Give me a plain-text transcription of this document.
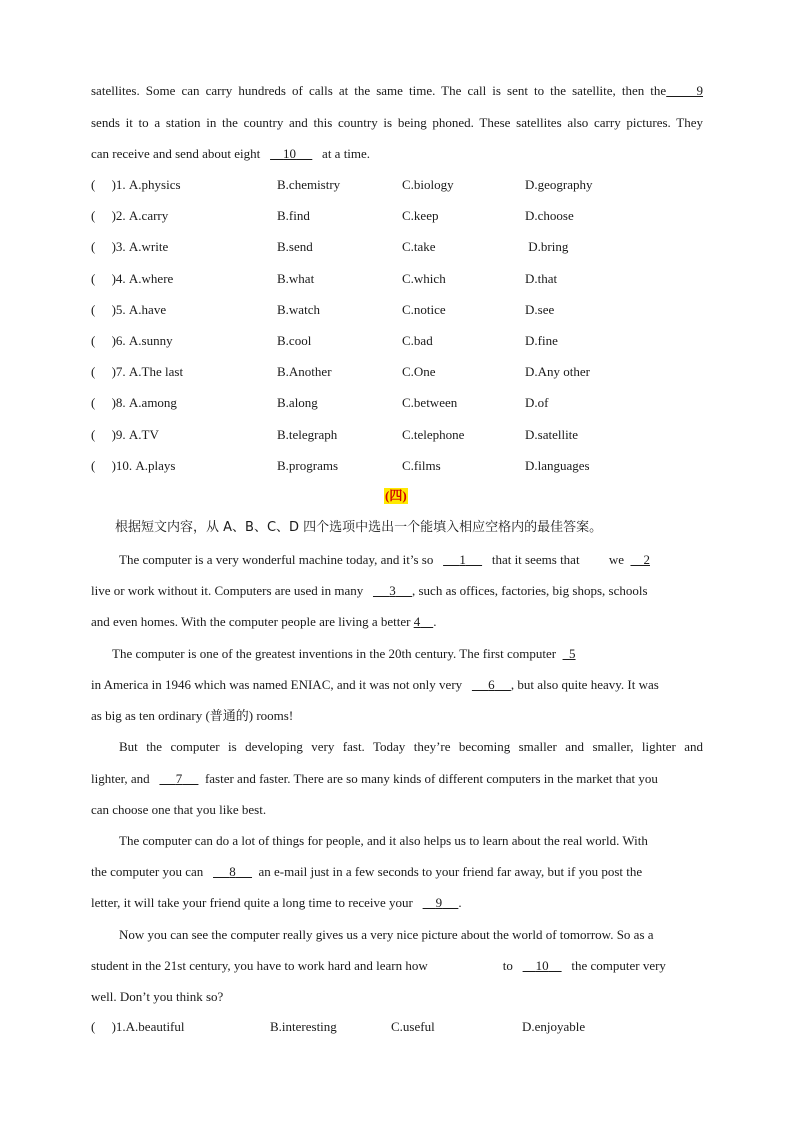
satellites. Some can carry hundreds of calls at the same time. The call is sent to the satellite, then the 9
sends it to a station in the country and this country is being phoned. These satellites also carry pictures. They
can receive and send about eight 10 at a time.
(     )1. A.physics	B.chemistry	C.biology	D.geography
(     )2. A.carry	B.find	C.keep	D.choose
(     )3. A.write	B.send	C.take	D.bring
(     )4. A.where	B.what	C.which	D.that
(     )5. A.have	B.watch	C.notice	D.see
(     )6. A.sunny	B.cool	C.bad	D.fine
(     )7. A.The last	B.Another	C.One	D.Any other
(     )8. A.among	B.along	C.between	D.of
(     )9. A.TV	B.telegraph	C.telephone	D.satellite
(     )10. A.plays	B.programs	C.films	D.languages
(四)
根据短文内容，从 A、B、C、D 四个选项中选出一个能填入相应空格内的最佳答案。
The computer is a very wonderful machine today, and it’s so 1 that it seems that we 2
live or work without it. Computers are used in many 3 , such as offices, factories, big shops, schools
and even homes. With the computer people are living a better 4 .
The computer is one of the greatest inventions in the 20th century. The first computer 5
in America in 1946 which was named ENIAC, and it was not only very 6 , but also quite heavy. It was
as big as ten ordinary (普通的) rooms!
But the computer is developing very fast. Today they’re becoming smaller and smaller, lighter and
lighter, and 7 faster and faster. There are so many kinds of different computers in the market that you
can choose one that you like best.
The computer can do a lot of things for people, and it also helps us to learn about the real world. With
the computer you can 8 an e-mail just in a few seconds to your friend far away, but if you post the
letter, it will take your friend quite a long time to receive your 9 .
Now you can see the computer really gives us a very nice picture about the world of tomorrow. So as a
student in the 21st century, you have to work hard and learn how	to 10 the computer very
well. Don’t you think so?
(     )1.A.beautiful	B.interesting	C.useful	D.enjoyable
